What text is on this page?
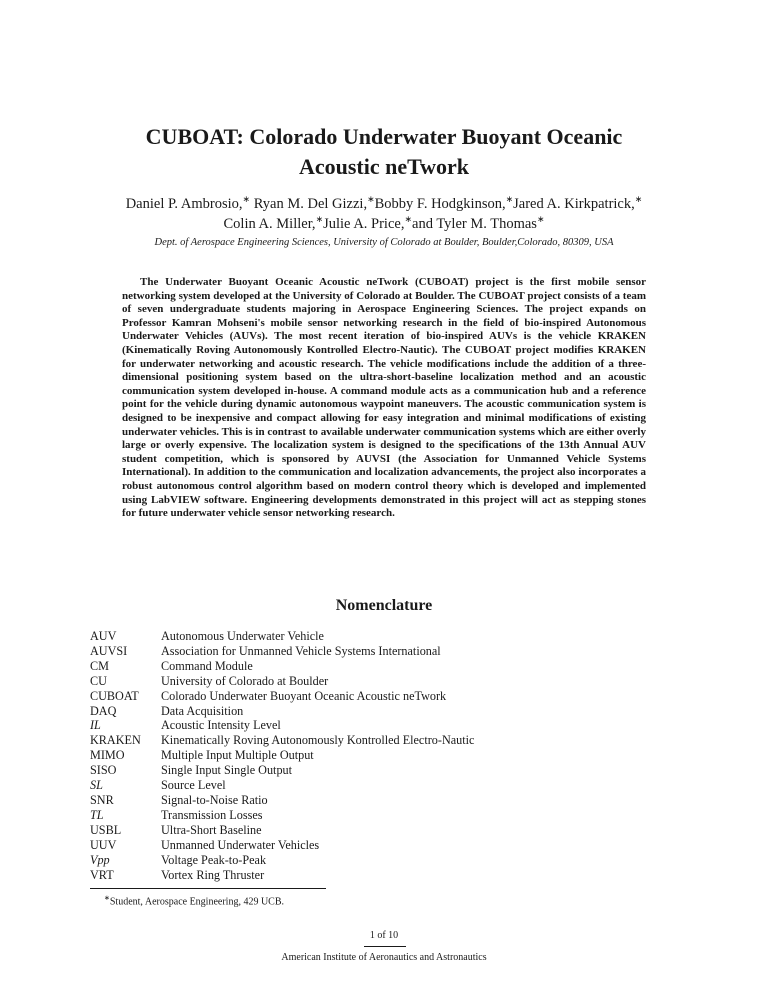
CUBOAT: Colorado Underwater Buoyant Oceanic
Acoustic neTwork
Daniel P. Ambrosio,∗ Ryan M. Del Gizzi,∗Bobby F. Hodgkinson,∗Jared A. Kirkpatrick,∗
Colin A. Miller,∗Julie A. Price,∗and Tyler M. Thomas∗
Dept. of Aerospace Engineering Sciences, University of Colorado at Boulder, Boulder,Colorado, 80309, USA
The Underwater Buoyant Oceanic Acoustic neTwork (CUBOAT) project is the first mobile sensor networking system developed at the University of Colorado at Boulder. The CUBOAT project consists of a team of seven undergraduate students majoring in Aerospace Engineering Sciences. The project expands on Professor Kamran Mohseni's mobile sensor networking research in the field of bio-inspired Autonomous Underwater Vehicles (AUVs). The most recent iteration of bio-inspired AUVs is the vehicle KRAKEN (Kinematically Roving Autonomously Kontrolled Electro-Nautic). The CUBOAT project modifies KRAKEN for underwater networking and acoustic research. The vehicle modifications include the addition of a three-dimensional positioning system based on the ultra-short-baseline localization method and an acoustic communication system developed in-house. A command module acts as a communication hub and a reference point for the vehicle during dynamic autonomous waypoint maneuvers. The acoustic communication system is designed to be inexpensive and compact allowing for easy integration and minimal modifications of existing underwater vehicles. This is in contrast to available underwater communication systems which are either overly large or overly expensive. The localization system is designed to the specifications of the 13th Annual AUV student competition, which is sponsored by AUVSI (the Association for Unmanned Vehicle Systems International). In addition to the communication and localization advancements, the project also incorporates a robust autonomous control algorithm based on modern control theory which is developed and implemented using LabVIEW software. Engineering developments demonstrated in this project will act as stepping stones for future underwater vehicle sensor networking research.
Nomenclature
AUV	Autonomous Underwater Vehicle
AUVSI	Association for Unmanned Vehicle Systems International
CM	Command Module
CU	University of Colorado at Boulder
CUBOAT	Colorado Underwater Buoyant Oceanic Acoustic neTwork
DAQ	Data Acquisition
IL	Acoustic Intensity Level
KRAKEN	Kinematically Roving Autonomously Kontrolled Electro-Nautic
MIMO	Multiple Input Multiple Output
SISO	Single Input Single Output
SL	Source Level
SNR	Signal-to-Noise Ratio
TL	Transmission Losses
USBL	Ultra-Short Baseline
UUV	Unmanned Underwater Vehicles
Vpp	Voltage Peak-to-Peak
VRT	Vortex Ring Thruster
∗Student, Aerospace Engineering, 429 UCB.
1 of 10
American Institute of Aeronautics and Astronautics
